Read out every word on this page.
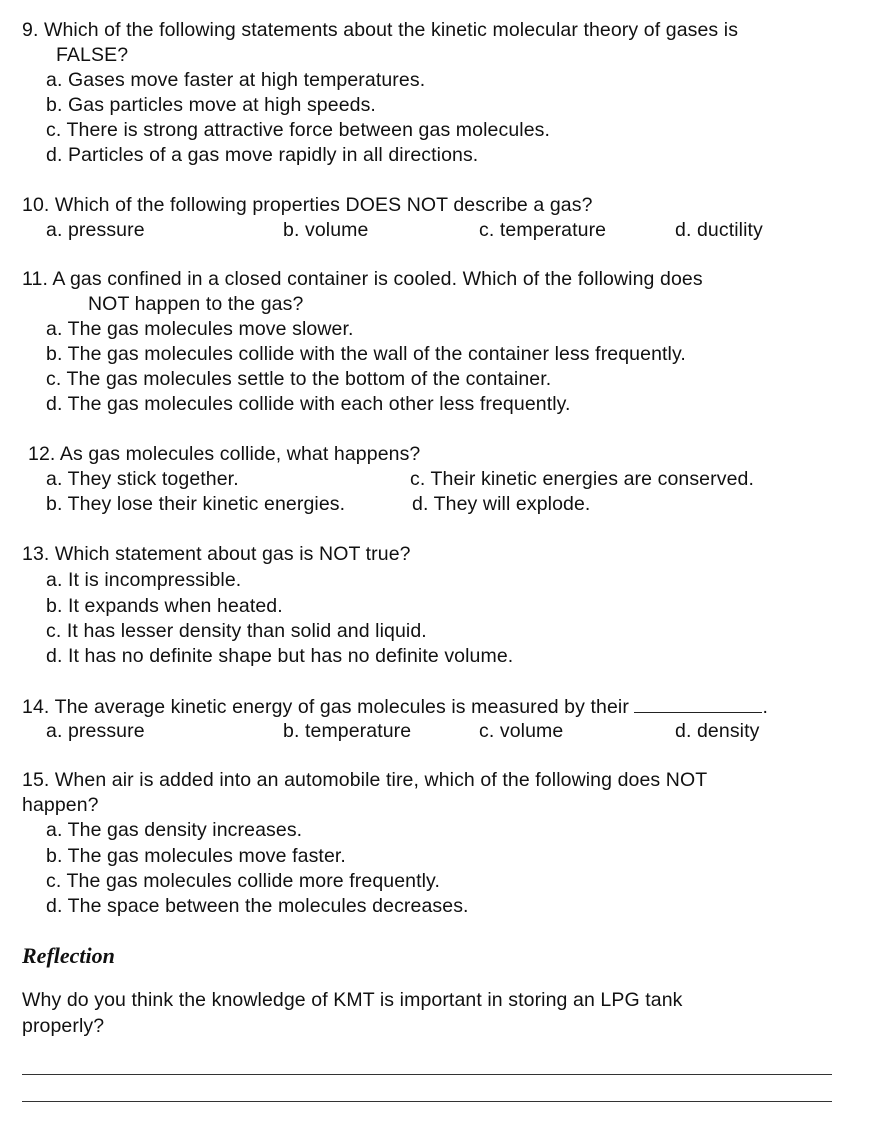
9. Which of the following statements about the kinetic molecular theory of gases is
FALSE?
a. Gases move faster at high temperatures.
b. Gas particles move at high speeds.
c. There is strong attractive force between gas molecules.
d. Particles of a gas move rapidly in all directions.
10. Which of the following properties DOES NOT describe a gas?
a. pressure	b. volume	c. temperature	d. ductility
11. A gas confined in a closed container is cooled. Which of the following does
NOT happen to the gas?
a. The gas molecules move slower.
b. The gas molecules collide with the wall of the container less frequently.
c. The gas molecules settle to the bottom of the container.
d. The gas molecules collide with each other less frequently.
12. As gas molecules collide, what happens?
a. They stick together.	c. Their kinetic energies are conserved.
b. They lose their kinetic energies.	d. They will explode.
13. Which statement about gas is NOT true?
a. It is incompressible.
b. It expands when heated.
c. It has lesser density than solid and liquid.
d. It has no definite shape but has no definite volume.
14. The average kinetic energy of gas molecules is measured by their	.
a. pressure	b. temperature	c. volume	d. density
15. When air is added into an automobile tire, which of the following does NOT
happen?
a. The gas density increases.
b. The gas molecules move faster.
c. The gas molecules collide more frequently.
d. The space between the molecules decreases.
Reflection
Why do you think the knowledge of KMT is important in storing an LPG tank
properly?
